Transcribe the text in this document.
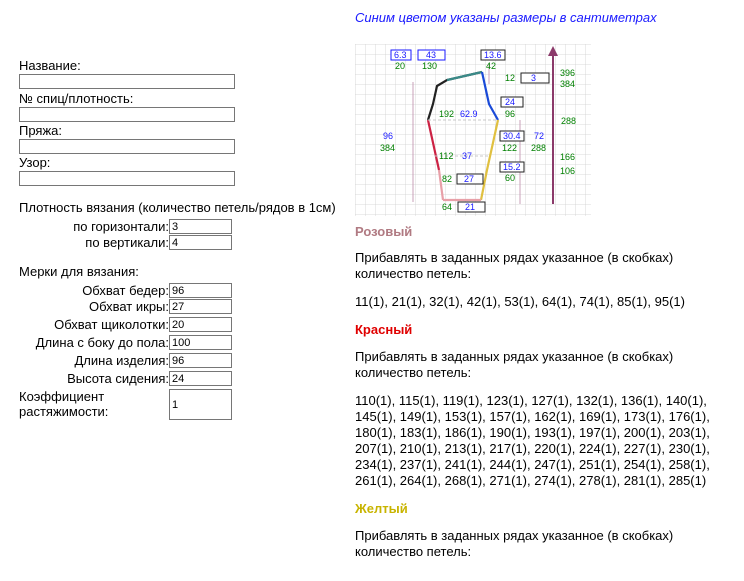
Название:
№ спиц/плотность:
Пряжа:
Узор:
Плотность вязания (количество петель/рядов в 1см)
по горизонтали:
3
по вертикали:
4
Мерки для вязания:
Обхват бедер:
96
Обхват икры:
27
Обхват щиколотки:
20
Длина с боку до пола:
100
Длина изделия:
96
Высота сидения:
24
Коэффициент
растяжимости:
1
Синим цветом указаны размеры в сантиметрах
6.3 43	13.6
20 130	42
12 3	396
384
24
96
192 62.9
288
96
384
30.4 72
122 288
112 37	166
15.2	106
82 27	60
64 21
Розовый
Прибавлять в заданных рядах указанное (в скобках) количество петель:
11(1), 21(1), 32(1), 42(1), 53(1), 64(1), 74(1), 85(1), 95(1)
Красный
Прибавлять в заданных рядах указанное (в скобках) количество петель:
110(1), 115(1), 119(1), 123(1), 127(1), 132(1), 136(1), 140(1), 145(1), 149(1), 153(1), 157(1), 162(1), 169(1), 173(1), 176(1), 180(1), 183(1), 186(1), 190(1), 193(1), 197(1), 200(1), 203(1), 207(1), 210(1), 213(1), 217(1), 220(1), 224(1), 227(1), 230(1), 234(1), 237(1), 241(1), 244(1), 247(1), 251(1), 254(1), 258(1), 261(1), 264(1), 268(1), 271(1), 274(1), 278(1), 281(1), 285(1)
Желтый
Прибавлять в заданных рядах указанное (в скобках) количество петель:
